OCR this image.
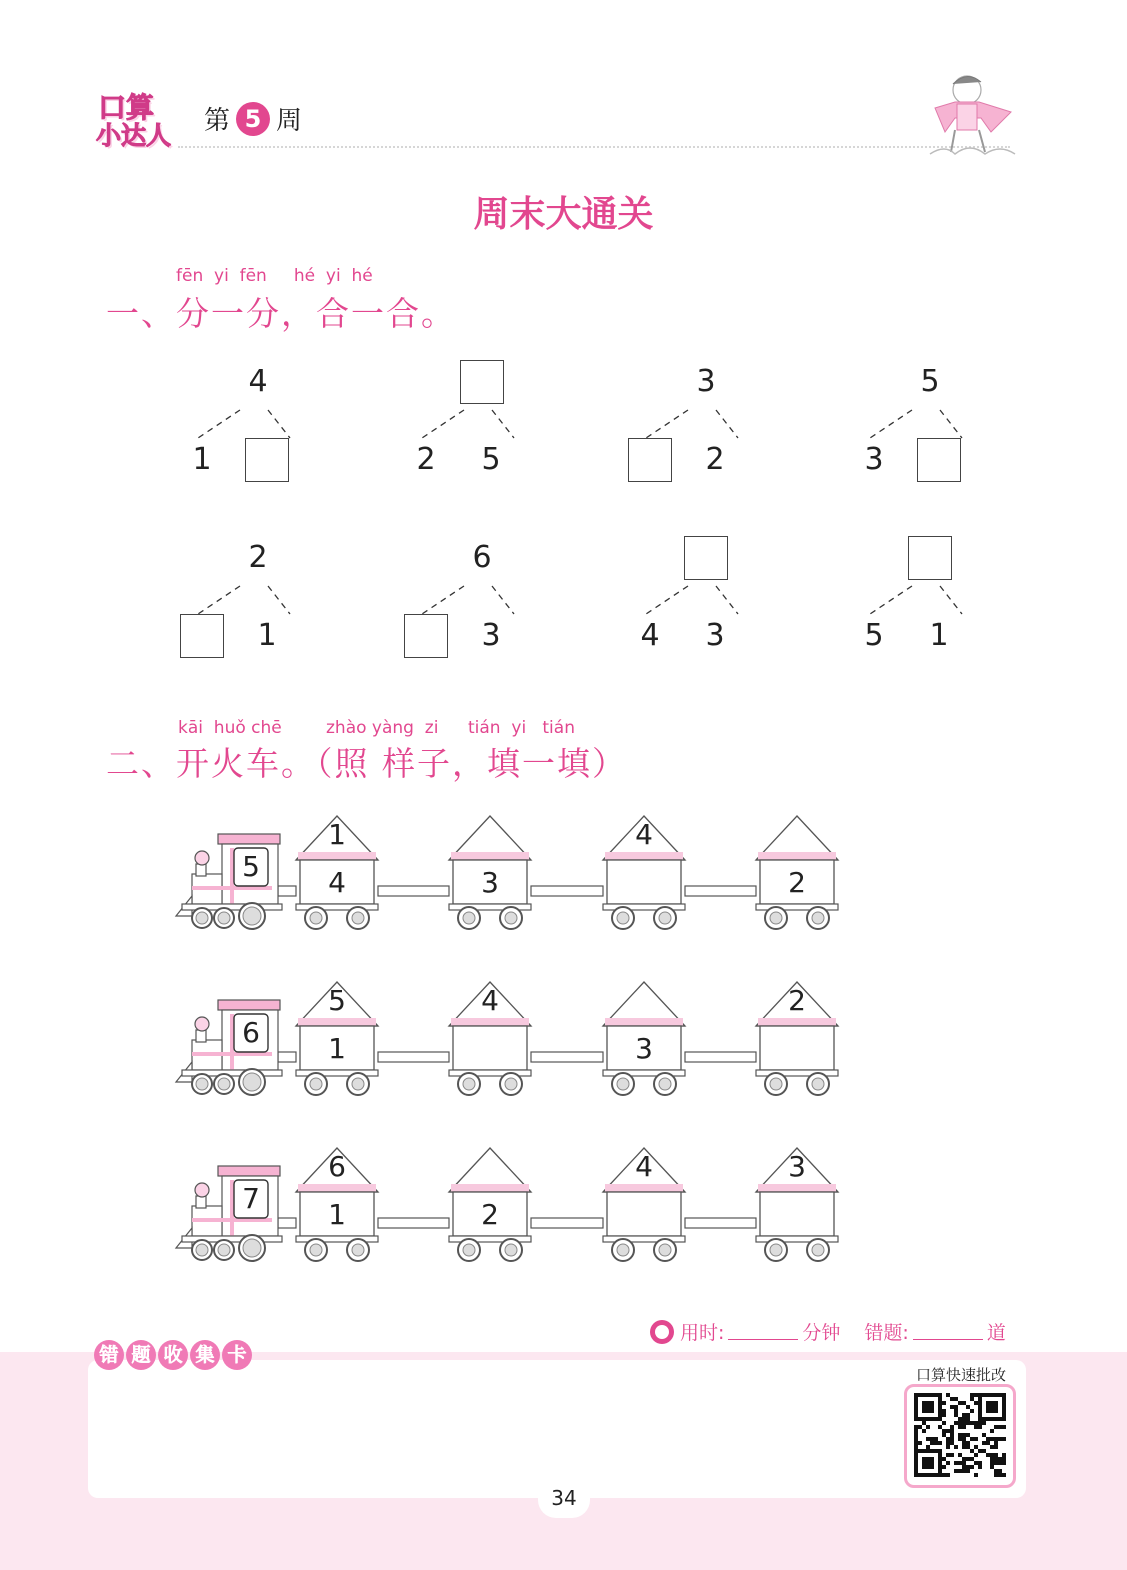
口算
小达人 第 5 周
周末大通关
fēn  yi  fēn     hé  yi  hé
一、分一分，合一合。
4
1	2	5
3
2
5
3
2
1
6
3	4	3	5	1
kāi  huǒ chē	zhào yàng  zi tián  yi   tián
二、开火车。（照 样子，填一填）
5
1
4	3
4
2
6
5
1
4
3
2
7
6
1	2
4	3
用时:	分钟 错题:	道
错 题 收 集 卡
口算快速批改
34
